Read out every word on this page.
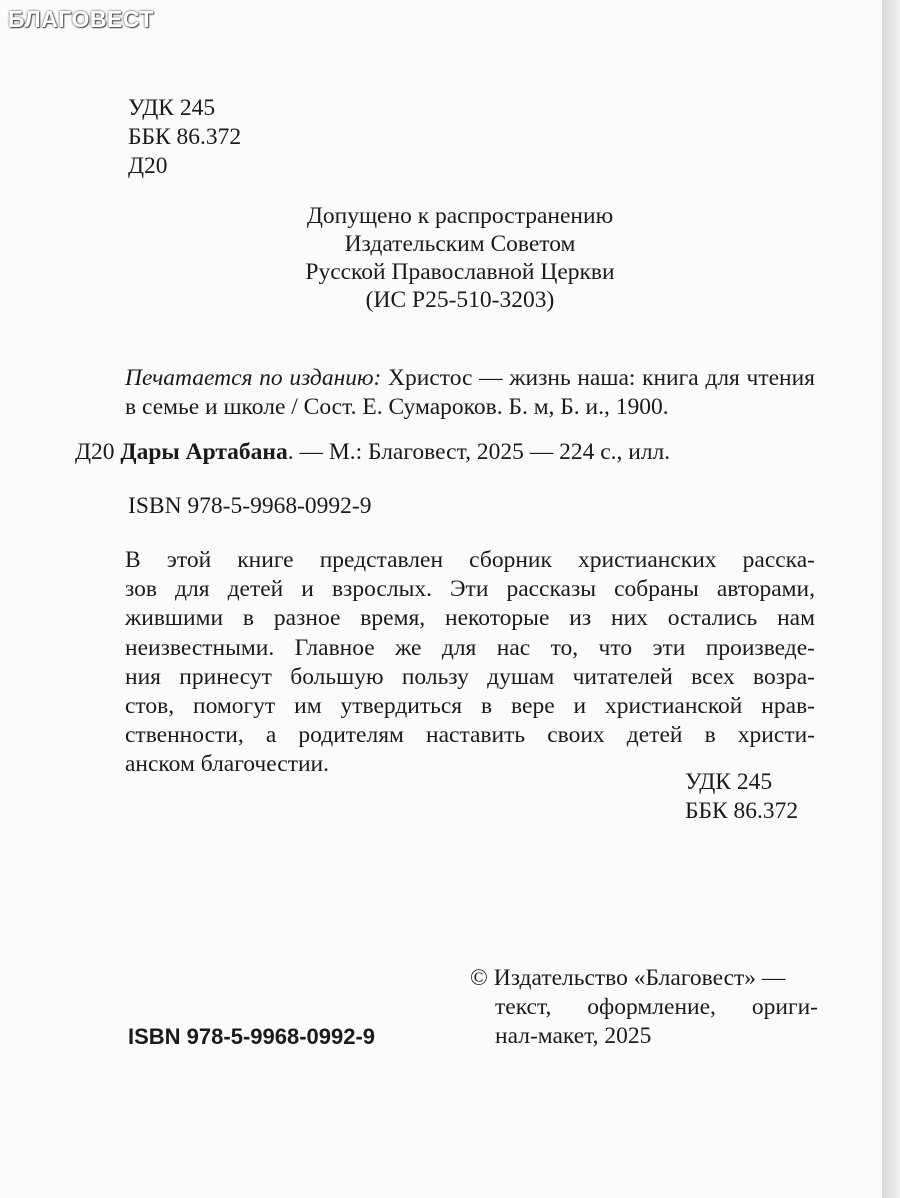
БЛАГОВЕСТ
УДК 245
ББК 86.372
Д20
Допущено к распространению
Издательским Советом
Русской Православной Церкви
(ИС Р25-510-3203)
Печатается по изданию: Христос — жизнь наша: книга для чтения в семье и школе / Сост. Е. Сумароков. Б. м, Б. и., 1900.
Д20 Дары Артабана. — М.: Благовест, 2025 — 224 с., илл.
ISBN 978-5-9968-0992-9
В этой книге представлен сборник христианских расска-
зов для детей и взрослых. Эти рассказы собраны авторами,
жившими в разное время, некоторые из них остались нам
неизвестными. Главное же для нас то, что эти произведе-
ния принесут большую пользу душам читателей всех возра-
стов, помогут им утвердиться в вере и христианской нрав-
ственности, а родителям наставить своих детей в христи-
анском благочестии.
УДК 245
ББК 86.372
© Издательство «Благовест» —
текст, оформление, ориги-
нал-макет, 2025
ISBN 978-5-9968-0992-9
